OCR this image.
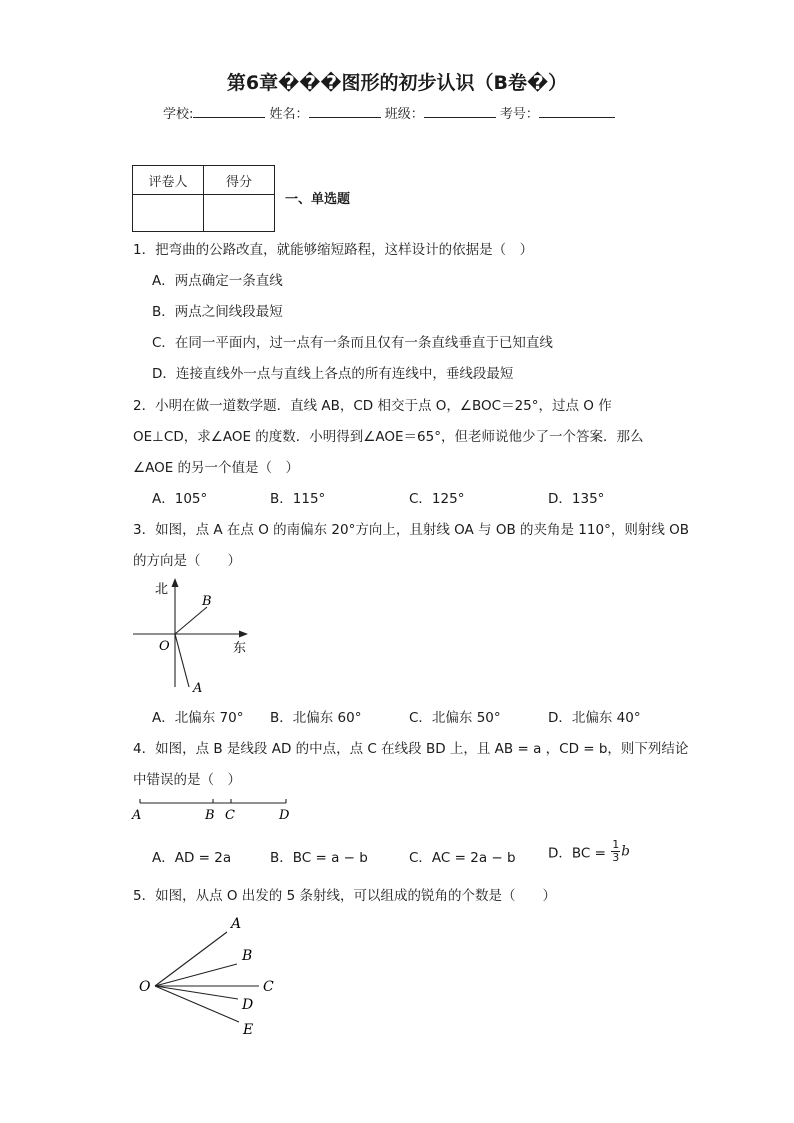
第6章���图形的初步认识（B卷�）
学校:	姓名：	班级：	考号：
评卷人	得分

一、单选题
1．把弯曲的公路改直，就能够缩短路程，这样设计的依据是（　）
A．两点确定一条直线
B．两点之间线段最短
C．在同一平面内，过一点有一条而且仅有一条直线垂直于已知直线
D．连接直线外一点与直线上各点的所有连线中，垂线段最短
2．小明在做一道数学题．直线 AB，CD 相交于点 O，∠BOC＝25°，过点 O 作
OE⊥CD，求∠AOE 的度数．小明得到∠AOE＝65°，但老师说他少了一个答案．那么
∠AOE 的另一个值是（　）
A．105°	B．115°	C．125°	D．135°
3．如图，点 A 在点 O 的南偏东 20°方向上，且射线 OA 与 OB 的夹角是 110°，则射线 OB
的方向是（　　）
北
东
O
B
A
A．北偏东 70° B．北偏东 60°	C．北偏东 50°	D．北偏东 40°
4．如图，点 B 是线段 AD 的中点，点 C 在线段 BD 上，且 AB = a ，CD = b，则下列结论
中错误的是（　）
A	B C	D
A．AD = 2a	B．BC = a − b	C．AC = 2a − b D．BC = $\frac{1}{3}$ b
5．如图，从点 O 出发的 5 条射线，可以组成的锐角的个数是（　　）
O
A
B
C
D
E
